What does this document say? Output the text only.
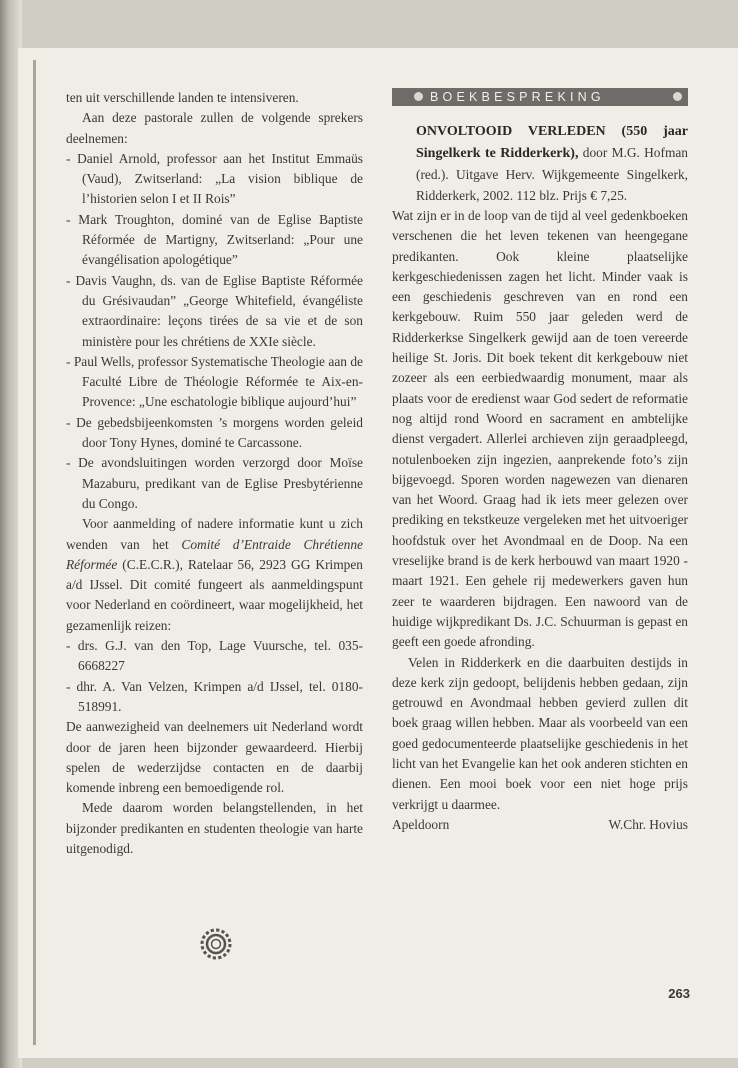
ten uit verschillende landen te intensiveren.

Aan deze pastorale zullen de volgende sprekers deelnemen:

- Daniel Arnold, professor aan het Institut Emmaüs (Vaud), Zwitserland: „La vision biblique de l’historien selon I et II Rois”

- Mark Troughton, dominé van de Eglise Baptiste Réformée de Martigny, Zwitserland: „Pour une évangélisation apologétique”

- Davis Vaughn, ds. van de Eglise Baptiste Réformée du Grésivaudan” „George Whitefield, évangéliste extraordinaire: leçons tirées de sa vie et de son ministère pour les chrétiens de XXIe siècle.

- Paul Wells, professor Systematische Theologie aan de Faculté Libre de Théologie Réformée te Aix-en-Provence: „Une eschatologie biblique aujourd’hui”

- De gebedsbijeenkomsten ’s morgens worden geleid door Tony Hynes, dominé te Carcassone.

- De avondsluitingen worden verzorgd door Moïse Mazaburu, predikant van de Eglise Presbytérienne du Congo.

Voor aanmelding of nadere informatie kunt u zich wenden van het Comité d’Entraide Chrétienne Réformée (C.E.C.R.), Ratelaar 56, 2923 GG Krimpen a/d IJssel. Dit comité fungeert als aanmeldingspunt voor Nederland en coördineert, waar mogelijkheid, het gezamenlijk reizen:

- drs. G.J. van den Top, Lage Vuursche, tel. 035-6668227

- dhr. A. Van Velzen, Krimpen a/d IJssel, tel. 0180-518991.

De aanwezigheid van deelnemers uit Nederland wordt door de jaren heen bijzonder gewaardeerd. Hierbij spelen de wederzijdse contacten en de daarbij komende inbreng een bemoedigende rol.

Mede daarom worden belangstellenden, in het bijzonder predikanten en studenten theologie van harte uitgenodigd.

BOEKBESPREKING

ONVOLTOOID VERLEDEN (550 jaar Singelkerk te Ridderkerk), door M.G. Hofman (red.). Uitgave Herv. Wijkgemeente Singelkerk, Ridderkerk, 2002. 112 blz. Prijs € 7,25.

Wat zijn er in de loop van de tijd al veel gedenkboeken verschenen die het leven tekenen van heengegane predikanten. Ook kleine plaatselijke kerkgeschiedenissen zagen het licht. Minder vaak is een geschiedenis geschreven van en rond een kerkgebouw. Ruim 550 jaar geleden werd de Ridderkerkse Singelkerk gewijd aan de toen vereerde heilige St. Joris. Dit boek tekent dit kerkgebouw niet zozeer als een eerbiedwaardig monument, maar als plaats voor de eredienst waar God sedert de reformatie nog altijd rond Woord en sacrament en ambtelijke dienst vergadert. Allerlei archieven zijn geraadpleegd, notulenboeken zijn ingezien, aanprekende foto’s zijn bijgevoegd. Sporen worden nagewezen van dienaren van het Woord. Graag had ik iets meer gelezen over prediking en tekstkeuze vergeleken met het uitvoeriger hoofdstuk over het Avondmaal en de Doop. Na een vreselijke brand is de kerk herbouwd van maart 1920 - maart 1921. Een gehele rij medewerkers gaven hun zeer te waarderen bijdragen. Een nawoord van de huidige wijkpredikant Ds. J.C. Schuurman is gepast en geeft een goede afronding.

Velen in Ridderkerk en die daarbuiten destijds in deze kerk zijn gedoopt, belijdenis hebben gedaan, zijn getrouwd en Avondmaal hebben gevierd zullen dit boek graag willen hebben. Maar als voorbeeld van een goed gedocumenteerde plaatselijke geschiedenis in het licht van het Evangelie kan het ook anderen stichten en dienen. Een mooi boek voor een niet hoge prijs verkrijgt u daarmee.

Apeldoorn	W.Chr. Hovius
263
